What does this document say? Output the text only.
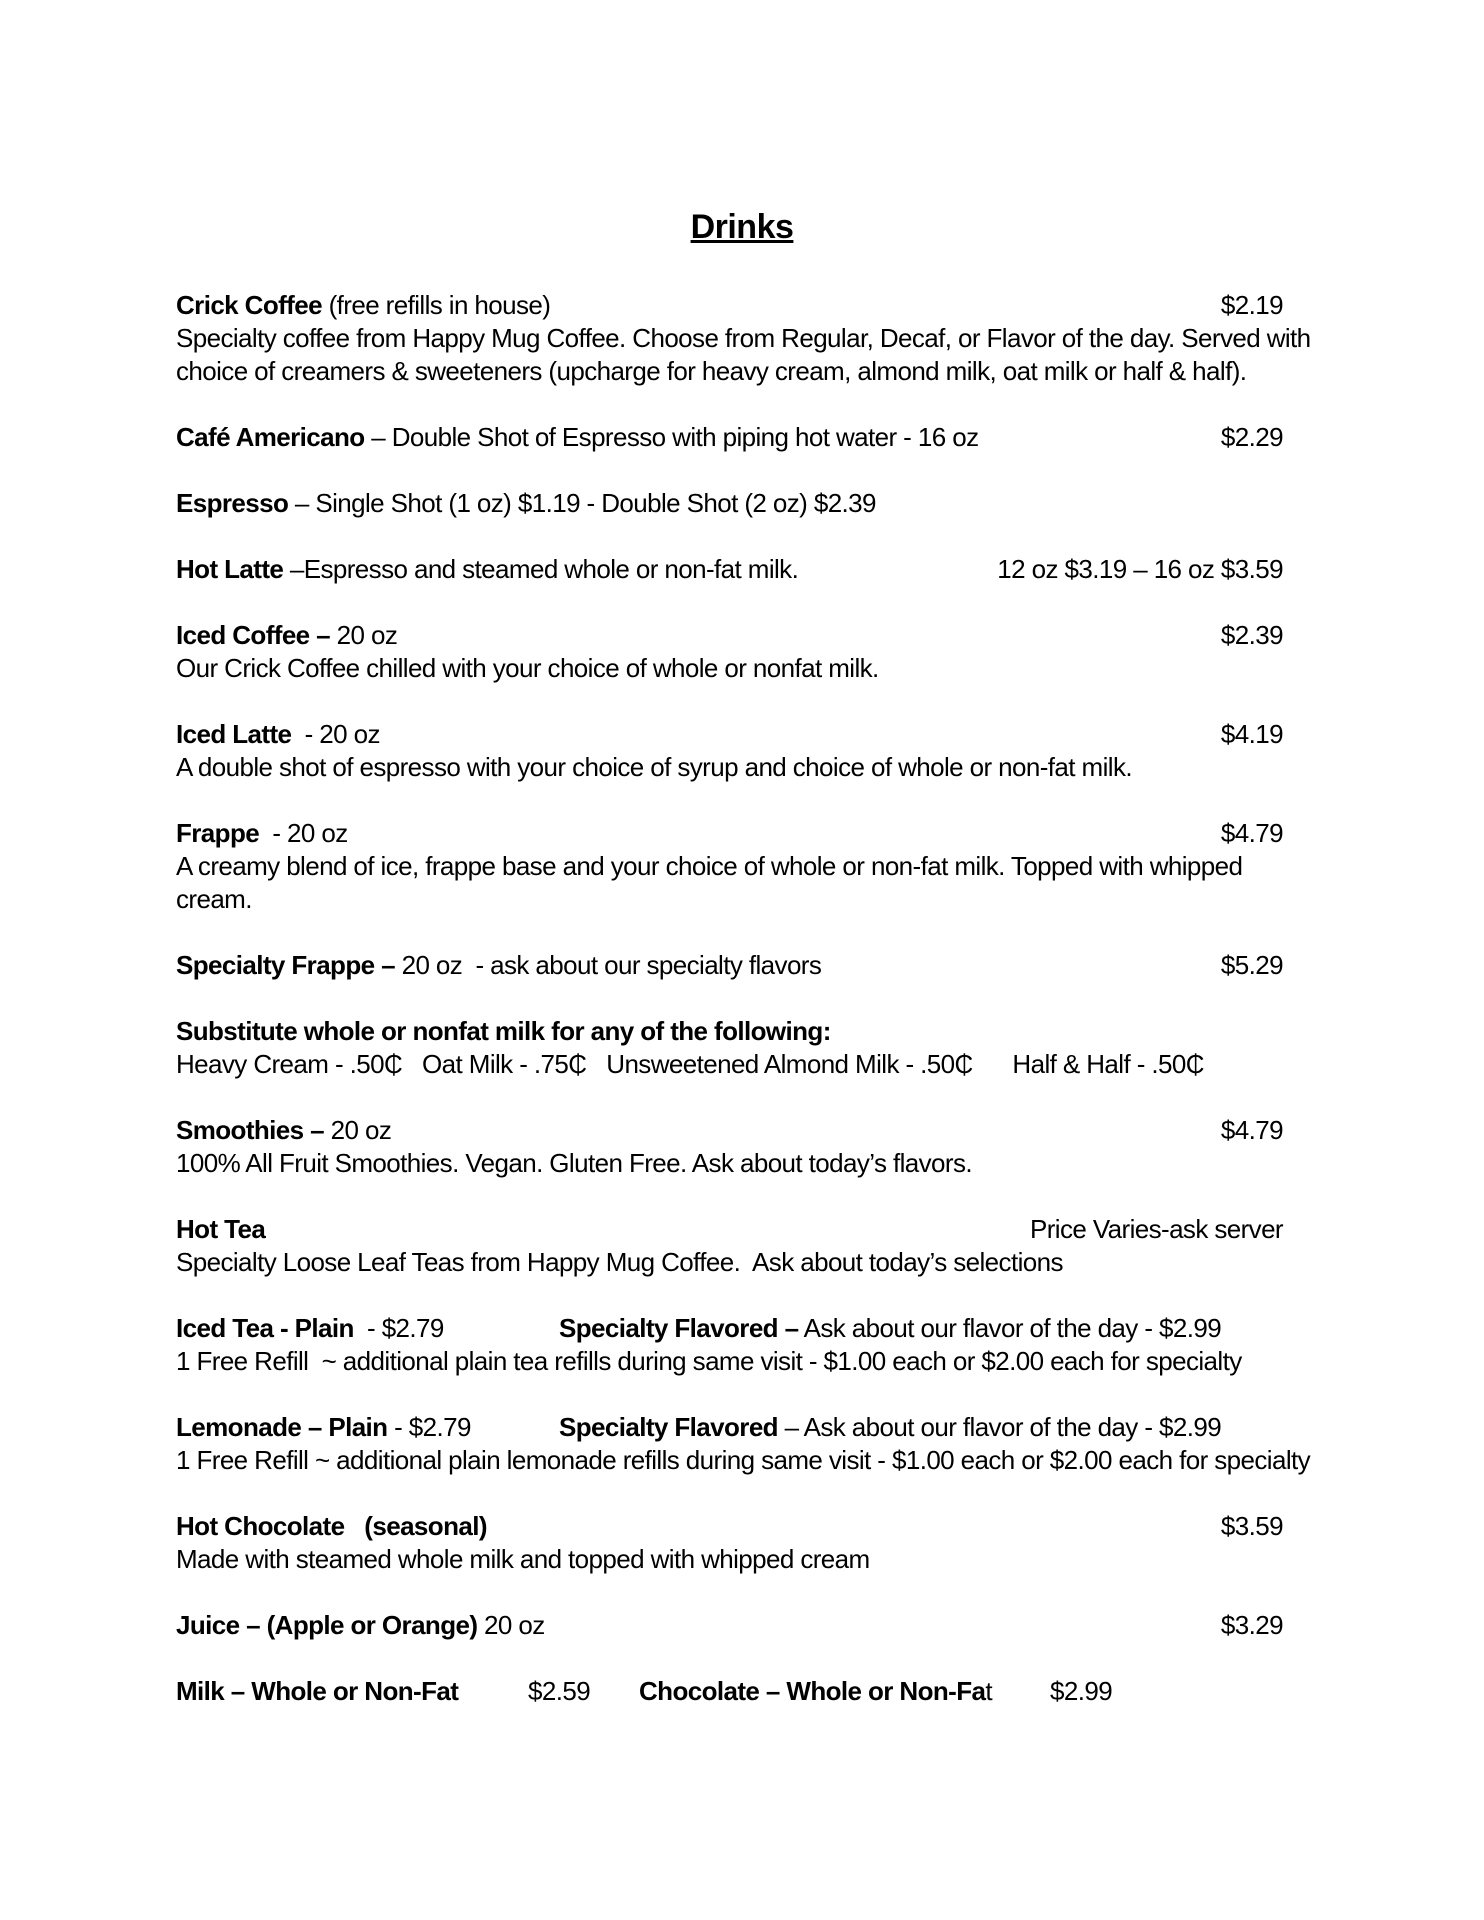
Drinks
Crick Coffee (free refills in house)	$2.19
Specialty coffee from Happy Mug Coffee. Choose from Regular, Decaf, or Flavor of the day. Served with
choice of creamers & sweeteners (upcharge for heavy cream, almond milk, oat milk or half & half).
Café Americano – Double Shot of Espresso with piping hot water - 16 oz	$2.29
Espresso – Single Shot (1 oz) $1.19 - Double Shot (2 oz) $2.39
Hot Latte –Espresso and steamed whole or non-fat milk.	12 oz $3.19 – 16 oz $3.59
Iced Coffee – 20 oz	$2.39
Our Crick Coffee chilled with your choice of whole or nonfat milk.
Iced Latte  - 20 oz	$4.19
A double shot of espresso with your choice of syrup and choice of whole or non-fat milk.
Frappe  - 20 oz	$4.79
A creamy blend of ice, frappe base and your choice of whole or non-fat milk. Topped with whipped
cream.
Specialty Frappe – 20 oz  - ask about our specialty flavors	$5.29
Substitute whole or nonfat milk for any of the following:
Heavy Cream - .50₵   Oat Milk - .75₵   Unsweetened Almond Milk - .50₵      Half & Half - .50₵
Smoothies – 20 oz	$4.79
100% All Fruit Smoothies. Vegan. Gluten Free. Ask about today’s flavors.
Hot Tea	Price Varies-ask server
Specialty Loose Leaf Teas from Happy Mug Coffee.  Ask about today’s selections
Iced Tea - Plain  - $2.79	Specialty Flavored – Ask about our flavor of the day - $2.99
1 Free Refill  ~ additional plain tea refills during same visit - $1.00 each or $2.00 each for specialty
Lemonade – Plain - $2.79	Specialty Flavored – Ask about our flavor of the day - $2.99
1 Free Refill ~ additional plain lemonade refills during same visit - $1.00 each or $2.00 each for specialty
Hot Chocolate   (seasonal)	$3.59
Made with steamed whole milk and topped with whipped cream
Juice – (Apple or Orange) 20 oz	$3.29
Milk – Whole or Non-Fat	$2.59	Chocolate – Whole or Non-Fat	$2.99
